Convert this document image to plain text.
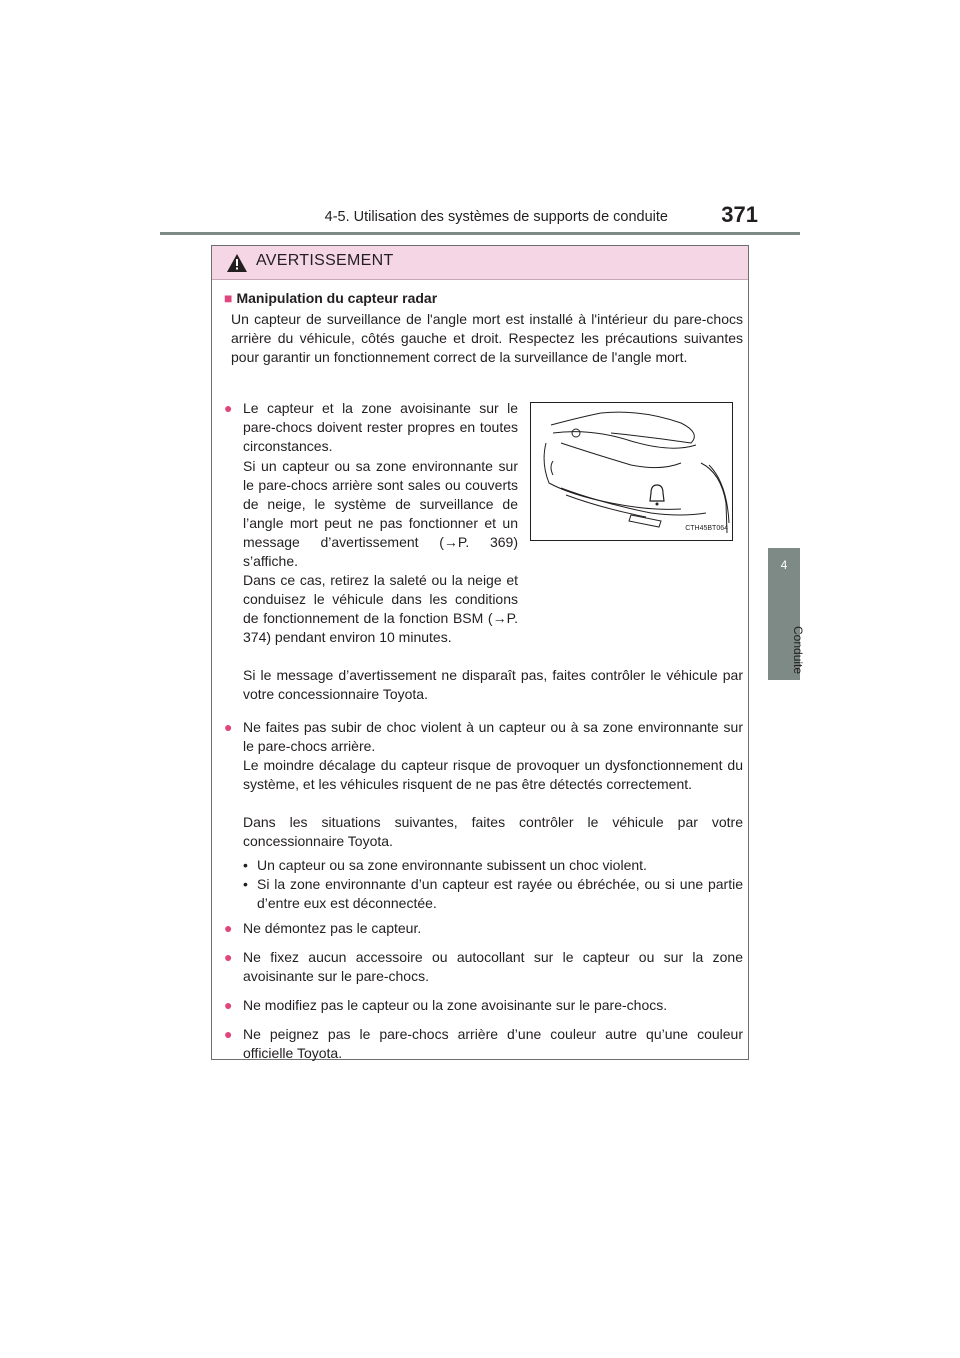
4-5. Utilisation des systèmes de supports de conduite 371
4
Conduite
AVERTISSEMENT
■ Manipulation du capteur radar
Un capteur de surveillance de l'angle mort est installé à l'intérieur du pare-chocs arrière du véhicule, côtés gauche et droit. Respectez les précautions suivantes pour garantir un fonctionnement correct de la surveillance de l'angle mort.
● Le capteur et la zone avoisinante sur le pare-chocs doivent rester propres en toutes circonstances.
Si un capteur ou sa zone environnante sur le pare-chocs arrière sont sales ou couverts de neige, le système de surveillance de l’angle mort peut ne pas fonctionner et un message d’avertissement (→P. 369) s’affiche.
Dans ce cas, retirez la saleté ou la neige et conduisez le véhicule dans les conditions de fonctionnement de la fonction BSM (→P. 374) pendant environ 10 minutes.
Si le message d’avertissement ne disparaît pas, faites contrôler le véhicule par votre concessionnaire Toyota.
CTH45BT064
● Ne faites pas subir de choc violent à un capteur ou à sa zone environnante sur le pare-chocs arrière.
Le moindre décalage du capteur risque de provoquer un dysfonctionnement du système, et les véhicules risquent de ne pas être détectés correctement.
Dans les situations suivantes, faites contrôler le véhicule par votre concessionnaire Toyota.
• Un capteur ou sa zone environnante subissent un choc violent.
• Si la zone environnante d’un capteur est rayée ou ébréchée, ou si une partie d’entre eux est déconnectée.
● Ne démontez pas le capteur.
● Ne fixez aucun accessoire ou autocollant sur le capteur ou sur la zone avoisinante sur le pare-chocs.
● Ne modifiez pas le capteur ou la zone avoisinante sur le pare-chocs.
● Ne peignez pas le pare-chocs arrière d’une couleur autre qu’une couleur officielle Toyota.
